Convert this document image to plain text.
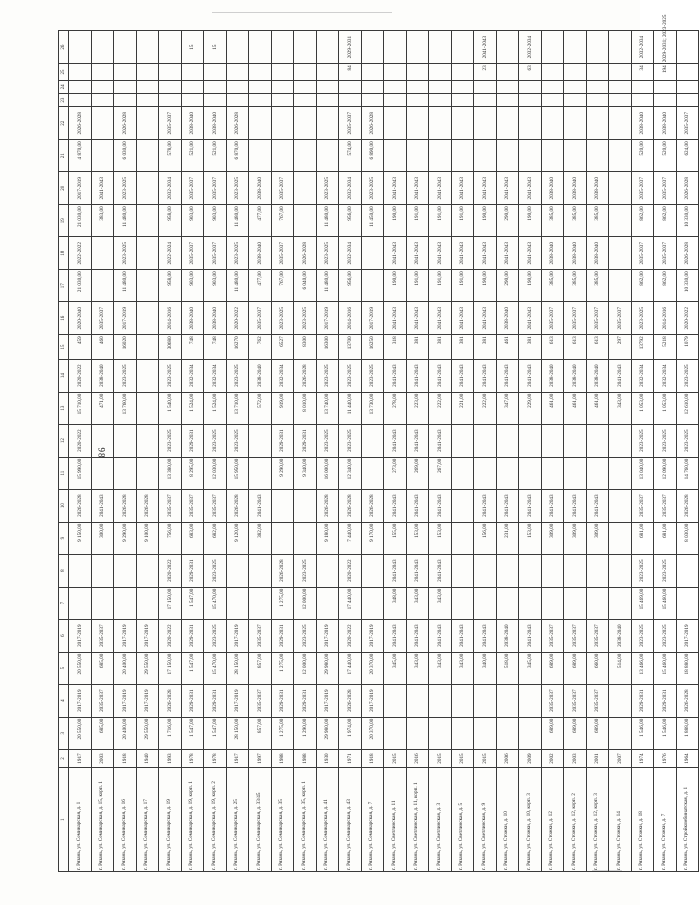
98
1	2	3	4	5	6	7	8	9	10	11	12	13	14	15	16	17	18	19	20	21	22	23	24	25	26	
г. Рязань, ул. Семинарская, д. 1	1917	20 550,00	2017-2019	20 550,00	2017-2019			9 150,00	2026-2028	15 990,00	2020-2022	15 710,00	2020-2022	459	2020-2040	21 030,00	2022-2022	21 030,00	2017-2019	4 870,00	2026-2028					
г. Рязань, ул. Семинарская, д. 15, корп. 1	2003	685,00	2035-2037	685,00	2035-2037			300,00	2041-2043			471,00	2038-2040	460	2035-2037			383,00	2041-2043							
г. Рязань, ул. Семинарская, д. 16	1918	20 400,00	2017-2019	20 400,00	2017-2019			9 290,00	2026-2028			13 760,00	2023-2025	16020	2017-2019	11 480,00	2023-2025	11 480,00	2023-2025	6 030,00	2026-2028					
г. Рязань, ул. Семинарская, д. 17	1940	29 550,00	2017-2019	29 550,00	2017-2019			9 100,00	2026-2028																	
г. Рязань, ул. Семинарская, д. 19	1993	1 716,00	2026-2028	17 150,00	2020-2022	17 150,00	2020-2022	756,00	2035-2037	13 380,00	2023-2025	1 540,00	2023-2025	30680	2014-2016	958,00	2022-2024	958,00	2032-2034	578,00	2035-2037					
г. Рязань, ул. Семинарская, д. 19, корп. 1	1978	1 547,00	2029-2031	1 547,00	2029-2031	1 547,00	2029-2031	683,00	2035-2037	8 295,00	2029-2031	1 524,00	2032-2034	748	2038-2040	903,00	2035-2037	903,00	2035-2037	521,00	2038-2040				15	
г. Рязань, ул. Семинарская, д. 19, корп. 2	1978	1 547,00	2029-2031	15 470,00	2023-2025	15 470,00	2023-2025	682,00	2035-2037	12 030,00	2023-2025	1 524,00	2032-2034	748	2038-2040	903,00	2035-2037	903,00	2035-2037	521,00	2038-2040				15	
г. Рязань, ул. Семинарская, д. 25	1917	28 150,00	2017-2019	28 150,00	2017-2019			9 120,00	2026-2028	15 950,00	2023-2025	13 710,00	2023-2025	16270	2020-2022	11 480,00	2023-2025	11 480,00	2023-2025	6 870,00	2026-2028					
г. Рязань, ул. Семинарская, д. 33/45	1997	857,00	2035-2037	857,00	2035-2037			382,00	2041-2043			572,00	2038-2040	762	2035-2037	477,00	2038-2040	477,00	2038-2040							
г. Рязань, ул. Семинарская, д. 35	1988	1 275,00	2029-2031	1 275,00	2029-2031	1 275,00	2026-2028			9 290,00	2029-2031	919,00	2032-2034	6527	2023-2025	767,00	2035-2037	767,00	2035-2037							
г. Рязань, ул. Семинарская, д. 35, корп. 1	1988	1 290,00	2029-2031	12 000,00	2023-2025	12 000,00	2023-2025			9 340,00	2029-2031	8 010,00	2026-2028	8300	2023-2025	6 040,00	2026-2028									
г. Рязань, ул. Семинарская, д. 41	1930	29 980,00	2017-2019	29 980,00	2017-2019			9 180,00	2026-2028	16 000,00	2023-2025	13 740,00	2023-2025	16300	2017-2019	11 480,00	2023-2025	11 480,00	2023-2025							
г. Рязань, ул. Семинарская, д. 43	1971	1 974,00	2026-2028	17 440,00	2020-2022	17 440,00	2020-2022	7 440,00	2026-2028	12 340,00	2023-2025	11 440,00	2023-2025	13700	2014-2016	956,00	2032-2034	956,00	2032-2034	574,00	2035-2037			84	2029-2031	
г. Рязань, ул. Семинарская, д. 7	1918	20 370,00	2017-2019	20 370,00	2017-2019			9 170,00	2026-2028			13 730,00	2023-2025	16250	2017-2019			11 450,00	2023-2025	6 890,00	2026-2028					
г. Рязань, ул. Светлинская, д. 11	2015			345,00	2041-2043	348,00	2041-2043	155,00	2041-2043	273,00	2041-2043	278,00	2041-2043	318	2041-2043	190,00	2041-2043	190,00	2041-2043							
г. Рязань, ул. Светлинская, д. 11, корп. 1	2016			343,00	2041-2043	343,00	2041-2043	153,00	2041-2043	269,00	2041-2043	223,00	2041-2043	381	2041-2043	191,00	2041-2043	191,00	2041-2043							
г. Рязань, ул. Светлинская, д. 3	2015			343,00	2041-2043	343,00	2041-2043	153,00	2041-2043	267,00	2041-2043	222,00	2041-2043	381	2041-2043	191,00	2041-2043	191,00	2041-2043							
г. Рязань, ул. Светлинская, д. 5	2015			343,00	2041-2043							221,00	2041-2043	381	2041-2043	191,00	2041-2043	191,00	2041-2043							
г. Рязань, ул. Светлинская, д. 9	2015			340,00	2041-2043			156,00	2041-2043			222,00	2041-2043	381	2041-2043	190,00	2041-2043	190,00	2041-2043					23	2041-2043	
г. Рязань, ул. Стожки, д. 10	2006			518,00	2038-2040			231,00	2041-2043			347,00	2041-2043	461	2038-2040	290,00	2041-2043	290,00	2041-2043							
г. Рязань, ул. Стожки, д. 10, корп. 3	2009			345,00	2041-2043			153,00	2041-2043			229,00	2041-2043	381	2041-2043	190,00	2041-2043	190,00	2041-2043					63	2032-2034	
г. Рязань, ул. Стожки, д. 12	2002	689,00	2035-2037	689,00	2035-2037			309,00	2041-2043			461,00	2038-2040	613	2035-2037	385,00	2038-2040	385,00	2038-2040							
г. Рязань, ул. Стожки, д. 12, корп. 2	2003	689,00	2035-2037	689,00	2035-2037			309,00	2041-2043			461,00	2038-2040	613	2035-2037	385,00	2038-2040	385,00	2038-2040							
г. Рязань, ул. Стожки, д. 12, корп. 3	2001	689,00	2035-2037	660,00	2035-2037			309,00	2041-2043			461,00	2038-2040	613	2035-2037	385,00	2038-2040	385,00	2038-2040							
г. Рязань, ул. Стожки, д. 14	2007			514,00	2038-2040							343,00	2041-2043	297	2035-2037											
г. Рязань, ул. Стожки, д. 18	1974	1 546,00	2029-2031	13 466,00	2023-2025	15 469,00	2023-2025	681,00	2035-2037	13 040,00	2023-2025	1 053,00	2032-2034	13792	2023-2025	862,00	2035-2037	862,00	2035-2037	520,00	2038-2040			34	2032-2034	
г. Рязань, ул. Стожки, д. 7	1976	1 546,00	2029-2031	15 460,00	2023-2025	15 460,00	2023-2025	681,00	2035-2037	12 090,00	2023-2025	1 053,00	2032-2034	5218	2014-2016	862,00	2035-2037	862,00	2035-2037	520,00	2038-2040			194	2029-2031; 2023-2025	
г. Рязань, ул. Стройкомбинатская, д. 1	1964	1 888,00	2026-2028	18 880,00	2017-2019			8 030,00	2026-2028	14 760,00	2023-2025	12 610,00	2023-2025	1079	2020-2022	10 330,00	2026-2028	10 330,00	2026-2028	624,00	2035-2037					
